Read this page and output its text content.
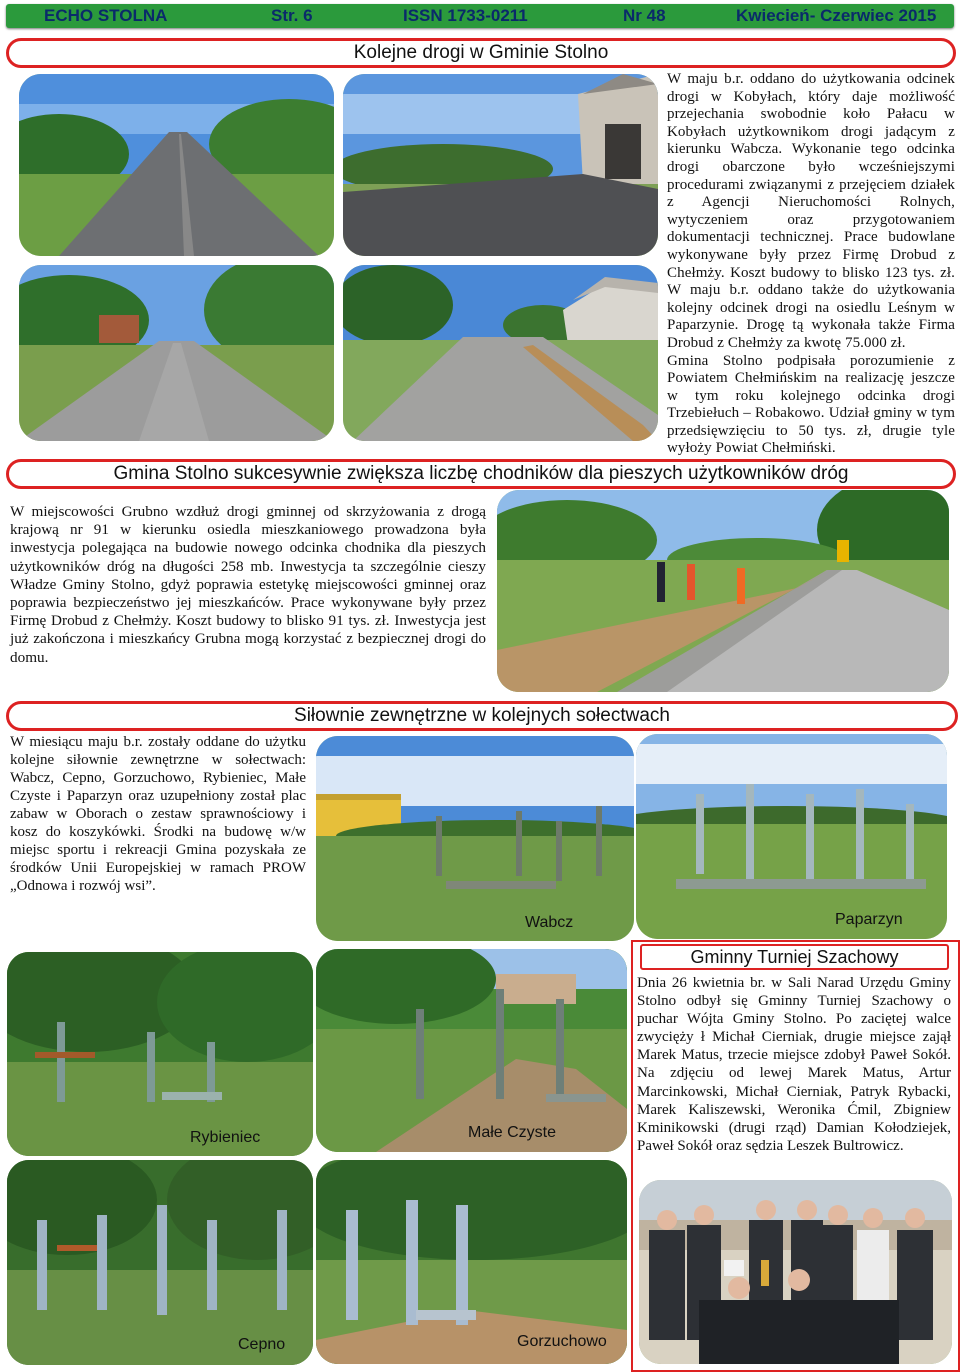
ECHO STOLNA	Str. 6	ISSN 1733-0211	Nr 48	Kwiecień- Czerwiec 2015
Kolejne drogi w Gminie Stolno

W maju b.r. oddano do użytkowania odcinek drogi w Kobyłach, który daje możliwość przejechania swobodnie koło Pałacu w Kobyłach użytkownikom drogi jadącym z kierunku Wabcza. Wykonanie tego odcinka drogi obarczone było wcześniejszymi procedurami związanymi z przejęciem działek z Agencji Nieruchomości Rolnych, wytyczeniem oraz przygotowaniem dokumentacji technicznej. Prace budowlane wykonywane były przez Firmę Drobud z Chełmży. Koszt budowy to blisko 123 tys. zł. W maju b.r. oddano także do użytkowania kolejny odcinek drogi na osiedlu Leśnym w Paparzynie. Drogę tą wykonała także Firma Drobud z Chełmży za kwotę 75.000 zł.

Gmina Stolno podpisała porozumienie z Powiatem Chełmińskim na realizację jeszcze w tym roku kolejnego odcinka drogi Trzebiełuch – Robakowo. Udział gminy w tym przedsięwzięciu to 50 tys. zł, drugie tyle wyłoży Powiat Chełmiński.

Gmina Stolno sukcesywnie zwiększa liczbę chodników dla pieszych użytkowników dróg

W miejscowości Grubno wzdłuż drogi gminnej od skrzyżowania z drogą krajową nr 91 w kierunku osiedla mieszkaniowego prowadzona była inwestycja polegająca na budowie nowego odcinka chodnika dla pieszych użytkowników dróg na długości 258 mb. Inwestycja ta szczególnie cieszy Władze Gminy Stolno, gdyż poprawia estetykę miejscowości gminnej oraz poprawia bezpieczeństwo jej mieszkańców. Prace wykonywane były przez Firmę Drobud z Chełmży. Koszt budowy to blisko 91 tys. zł. Inwestycja jest już zakończona i mieszkańcy Grubna mogą korzystać z bezpiecznej drogi do domu.

Siłownie zewnętrzne w kolejnych sołectwach

W miesiącu maju b.r. zostały oddane do użytku kolejne siłownie zewnętrzne w sołectwach: Wabcz, Cepno, Gorzuchowo, Rybieniec, Małe Czyste i Paparzyn oraz uzupełniony został plac zabaw w Oborach o zestaw sprawnościowy i kosz do koszykówki. Środki na budowę w/w miejsc sportu i rekreacji Gmina pozyskała ze środków Unii Europejskiej w ramach PROW „Odnowa i rozwój wsi”.

Wabcz	Paparzyn
Rybieniec	Małe Czyste
Cepno	Gorzuchowo
Gminny Turniej Szachowy

Dnia 26 kwietnia br. w Sali Narad Urzędu Gminy Stolno odbył się Gminny Turniej Szachowy o puchar Wójta Gminy Stolno. Po zaciętej walce zwycięży ł Michał Cierniak, drugie miejsce zajął Marek Matus, trzecie miejsce zdobył Paweł Sokół. Na zdjęciu od lewej Marek Matus, Artur Marcinkowski, Michał Cierniak, Patryk Rybacki, Marek Kaliszewski, Weronika Ćmil, Zbigniew Kminikowski (drugi rząd) Damian Kołodziejek, Paweł Sokół oraz sędzia Leszek Bultrowicz.
